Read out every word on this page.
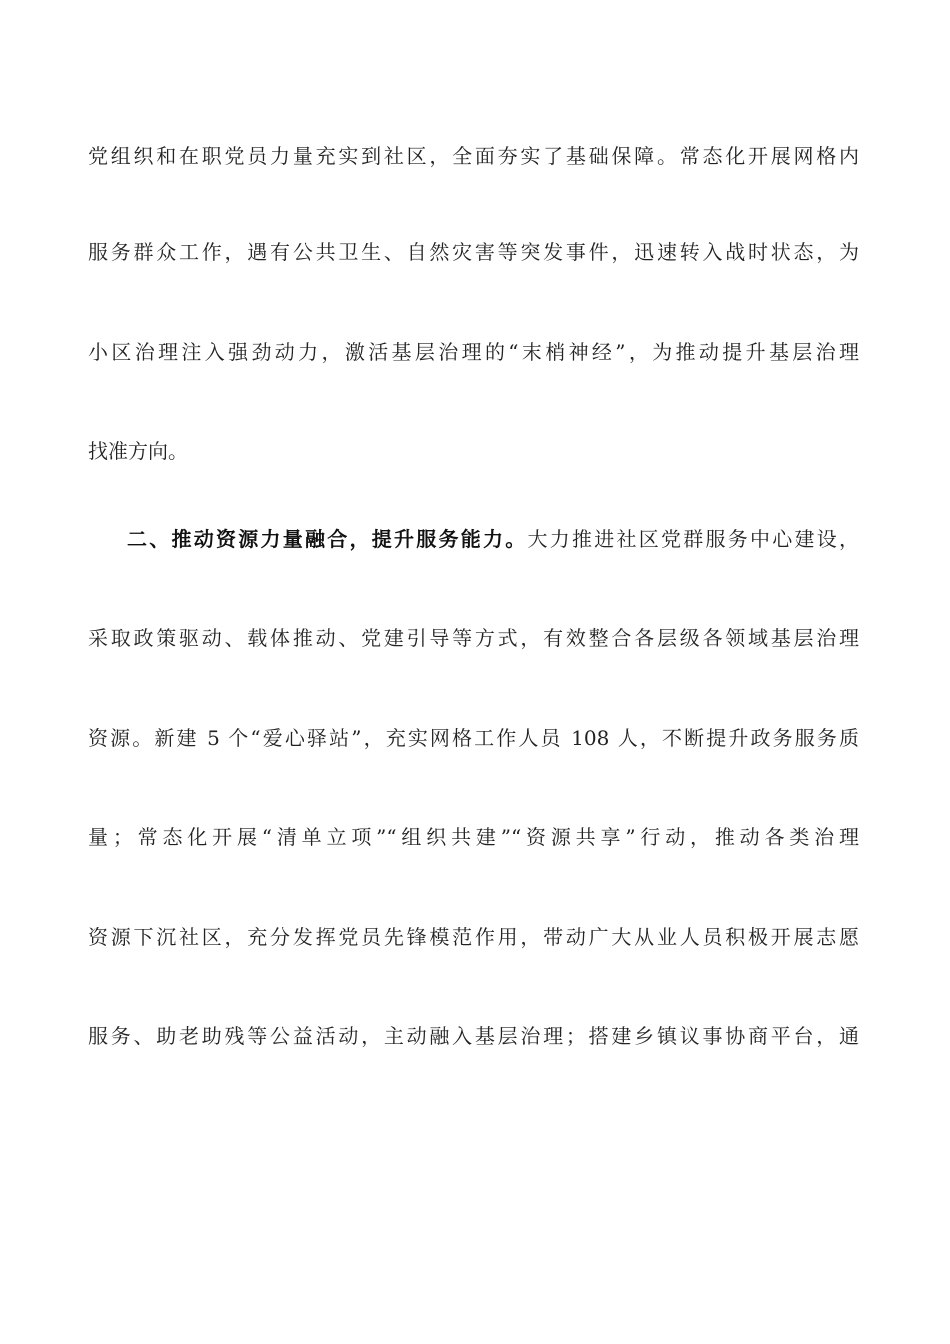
党组织和在职党员力量充实到社区，全面夯实了基础保障。常态化开展网格内
服务群众工作，遇有公共卫生、自然灾害等突发事件，迅速转入战时状态，为
小区治理注入强劲动力，激活基层治理的“末梢神经”，为推动提升基层治理
找准方向。
二、推动资源力量融合，提升服务能力。大力推进社区党群服务中心建设，
采取政策驱动、载体推动、党建引导等方式，有效整合各层级各领域基层治理
资源。新建 5 个“爱心驿站”，充实网格工作人员 108 人，不断提升政务服务质
量；常态化开展“清单立项”“组织共建”“资源共享”行动，推动各类治理
资源下沉社区，充分发挥党员先锋模范作用，带动广大从业人员积极开展志愿
服务、助老助残等公益活动，主动融入基层治理；搭建乡镇议事协商平台，通
